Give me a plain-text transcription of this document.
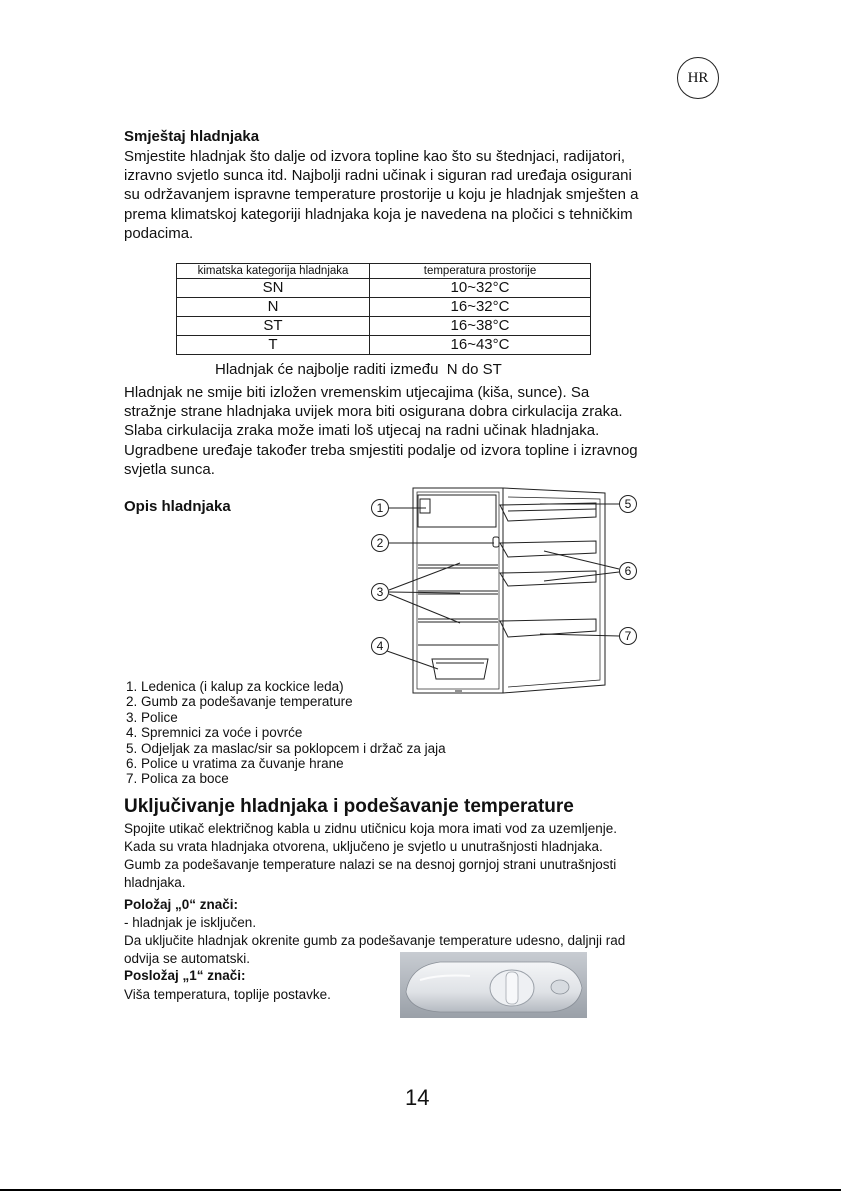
HR
Smještaj hladnjaka
Smjestite hladnjak što dalje od izvora topline kao što su štednjaci, radijatori,
izravno svjetlo sunca itd. Najbolji radni učinak i siguran rad uređaja osigurani
su održavanjem ispravne temperature prostorije u koju je hladnjak smješten a
prema klimatskoj kategoriji hladnjaka koja je navedena na pločici s tehničkim
podacima.
kimatska kategorija hladnjaka	temperatura prostorije
SN	10~32°C
N	16~32°C
ST	16~38°C
T	16~43°C
Hladnjak će najbolje raditi između  N do ST
Hladnjak ne smije biti izložen vremenskim utjecajima (kiša, sunce). Sa
stražnje strane hladnjaka uvijek mora biti osigurana dobra cirkulacija zraka.
Slaba cirkulacija zraka može imati loš utjecaj na radni učinak hladnjaka.
Ugradbene uređaje također treba smjestiti podalje od izvora topline i izravnog
svjetla sunca.
Opis hladnjaka	1
2
3
4
5
6
7
1. Ledenica (i kalup za kockice leda)
2. Gumb za podešavanje temperature
3. Police
4. Spremnici za voće i povrće
5. Odjeljak za maslac/sir sa poklopcem i držač za jaja
6. Police u vratima za čuvanje hrane
7. Polica za boce
Uključivanje hladnjaka i podešavanje temperature
Spojite utikač električnog kabla u zidnu utičnicu koja mora imati vod za uzemljenje.
Kada su vrata hladnjaka otvorena, uključeno je svjetlo u unutrašnjosti hladnjaka.
Gumb za podešavanje temperature nalazi se na desnoj gornjoj strani unutrašnjosti
hladnjaka.
Položaj „0“ znači:
- hladnjak je isključen.
Da uključite hladnjak okrenite gumb za podešavanje temperature udesno, daljnji rad
odvija se automatski.
Posložaj „1“ znači:
Viša temperatura, toplije postavke.
14
